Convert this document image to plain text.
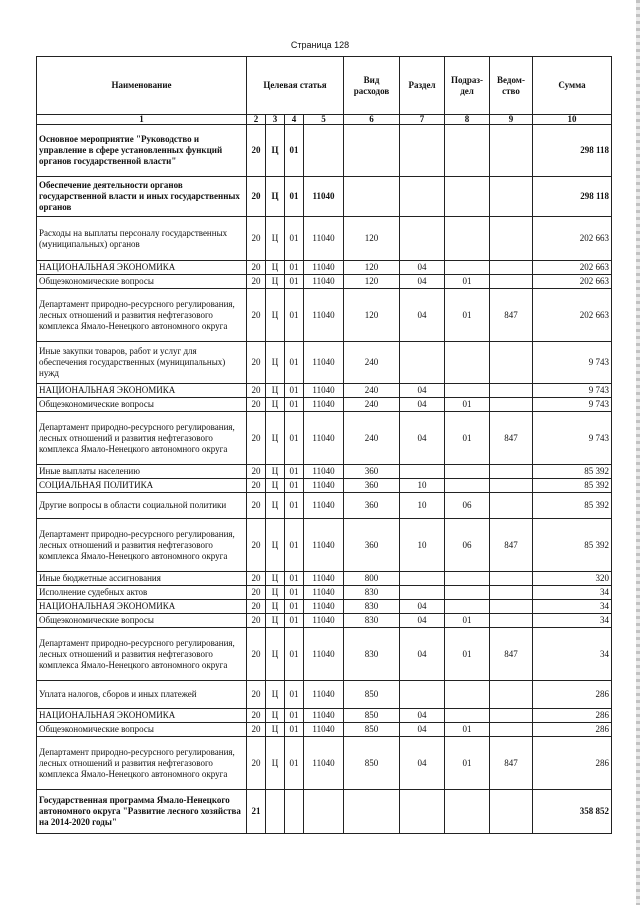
Страница 128
Наименование	Целевая статья				Вид расходов	Раздел	Подраз-дел	Ведом-ство	Сумма
1	2	3	4	5	6	7	8	9	10
Основное мероприятие "Руководство и управление в сфере установленных функций органов государственной власти"	20	Ц	01						298 118
Обеспечение деятельности органов государственной власти и иных государственных органов	20	Ц	01	11040					298 118
Расходы на выплаты персоналу государственных (муниципальных) органов	20	Ц	01	11040	120				202 663
НАЦИОНАЛЬНАЯ ЭКОНОМИКА	20	Ц	01	11040	120	04			202 663
Общеэкономические вопросы	20	Ц	01	11040	120	04	01		202 663
Департамент природно-ресурсного регулирования, лесных отношений и развития нефтегазового комплекса Ямало-Ненецкого автономного округа	20	Ц	01	11040	120	04	01	847	202 663
Иные закупки товаров, работ и услуг для обеспечения государственных (муниципальных) нужд	20	Ц	01	11040	240				9 743
НАЦИОНАЛЬНАЯ ЭКОНОМИКА	20	Ц	01	11040	240	04			9 743
Общеэкономические вопросы	20	Ц	01	11040	240	04	01		9 743
Департамент природно-ресурсного регулирования, лесных отношений и развития нефтегазового комплекса Ямало-Ненецкого автономного округа	20	Ц	01	11040	240	04	01	847	9 743
Иные выплаты населению	20	Ц	01	11040	360				85 392
СОЦИАЛЬНАЯ ПОЛИТИКА	20	Ц	01	11040	360	10			85 392
Другие вопросы в области социальной политики	20	Ц	01	11040	360	10	06		85 392
Департамент природно-ресурсного регулирования, лесных отношений и развития нефтегазового комплекса Ямало-Ненецкого автономного округа	20	Ц	01	11040	360	10	06	847	85 392
Иные бюджетные ассигнования	20	Ц	01	11040	800				320
Исполнение судебных актов	20	Ц	01	11040	830				34
НАЦИОНАЛЬНАЯ ЭКОНОМИКА	20	Ц	01	11040	830	04			34
Общеэкономические вопросы	20	Ц	01	11040	830	04	01		34
Департамент природно-ресурсного регулирования, лесных отношений и развития нефтегазового комплекса Ямало-Ненецкого автономного округа	20	Ц	01	11040	830	04	01	847	34
Уплата налогов, сборов и иных платежей	20	Ц	01	11040	850				286
НАЦИОНАЛЬНАЯ ЭКОНОМИКА	20	Ц	01	11040	850	04			286
Общеэкономические вопросы	20	Ц	01	11040	850	04	01		286
Департамент природно-ресурсного регулирования, лесных отношений и развития нефтегазового комплекса Ямало-Ненецкого автономного округа	20	Ц	01	11040	850	04	01	847	286
Государственная программа Ямало-Ненецкого автономного округа "Развитие лесного хозяйства на 2014-2020 годы"	21								358 852
